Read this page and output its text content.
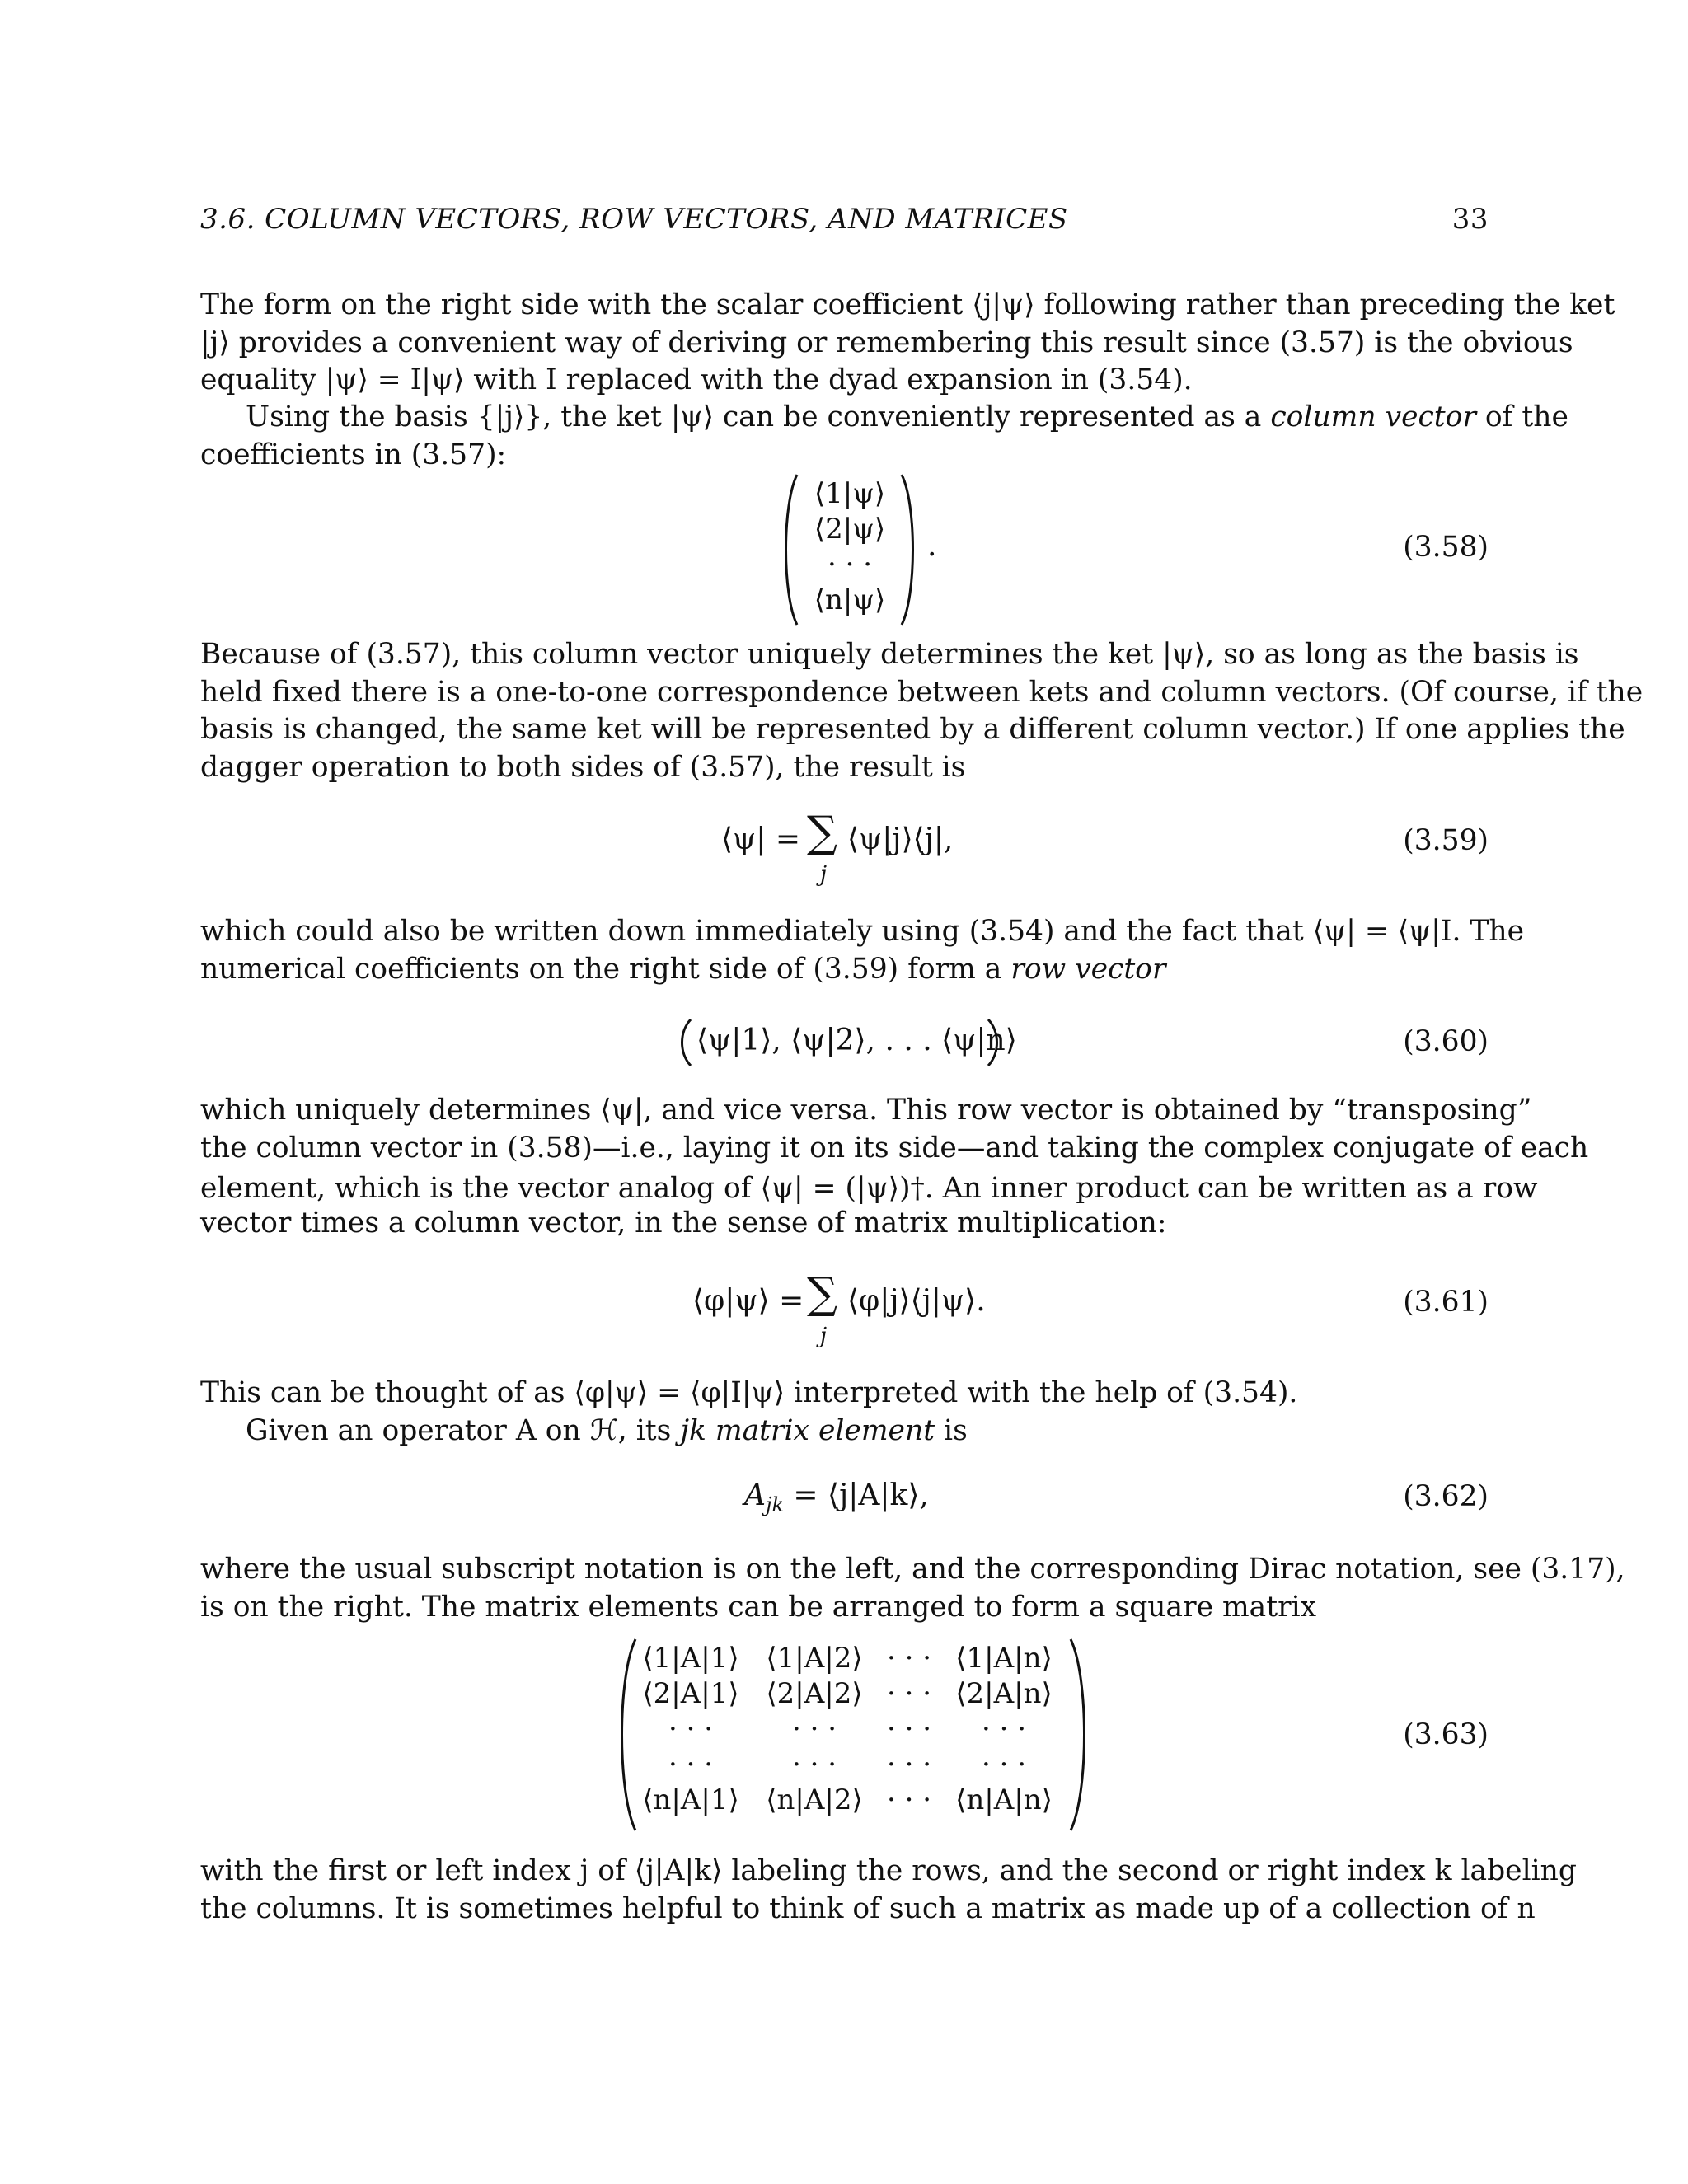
3.6. COLUMN VECTORS, ROW VECTORS, AND MATRICES	33
The form on the right side with the scalar coefficient ⟨j|ψ⟩ following rather than preceding the ket
|j⟩ provides a convenient way of deriving or remembering this result since (3.57) is the obvious
equality |ψ⟩ = I|ψ⟩ with I replaced with the dyad expansion in (3.54).
Using the basis {|j⟩}, the ket |ψ⟩ can be conveniently represented as a column vector of the
coefficients in (3.57):
⟨1|ψ⟩
⟨2|ψ⟩
· · ·
⟨n|ψ⟩
.	(3.58)
Because of (3.57), this column vector uniquely determines the ket |ψ⟩, so as long as the basis is
held fixed there is a one-to-one correspondence between kets and column vectors. (Of course, if the
basis is changed, the same ket will be represented by a different column vector.) If one applies the
dagger operation to both sides of (3.57), the result is
⟨ψ| = ∑
j
⟨ψ|j⟩⟨j|,	(3.59)
which could also be written down immediately using (3.54) and the fact that ⟨ψ| = ⟨ψ|I. The
numerical coefficients on the right side of (3.59) form a row vector
⟨ψ|1⟩, ⟨ψ|2⟩, . . . ⟨ψ|n⟩	(3.60)
which uniquely determines ⟨ψ|, and vice versa. This row vector is obtained by “transposing”
the column vector in (3.58)—i.e., laying it on its side—and taking the complex conjugate of each
element, which is the vector analog of ⟨ψ| = (|ψ⟩)†. An inner product can be written as a row
vector times a column vector, in the sense of matrix multiplication:
⟨φ|ψ⟩ = ∑
j
⟨φ|j⟩⟨j|ψ⟩.	(3.61)
This can be thought of as ⟨φ|ψ⟩ = ⟨φ|I|ψ⟩ interpreted with the help of (3.54).
Given an operator A on ℋ, its jk matrix element is
$A_{jk}$ = ⟨j|A|k⟩,	(3.62)
where the usual subscript notation is on the left, and the corresponding Dirac notation, see (3.17),
is on the right. The matrix elements can be arranged to form a square matrix
⟨1|A|1⟩ ⟨1|A|2⟩ · · · ⟨1|A|n⟩
⟨2|A|1⟩ ⟨2|A|2⟩ · · · ⟨2|A|n⟩
· · ·	· · ·	· · ·	· · ·
· · ·	· · ·	· · ·	· · ·
⟨n|A|1⟩ ⟨n|A|2⟩ · · · ⟨n|A|n⟩
(3.63)
with the first or left index j of ⟨j|A|k⟩ labeling the rows, and the second or right index k labeling
the columns. It is sometimes helpful to think of such a matrix as made up of a collection of n
